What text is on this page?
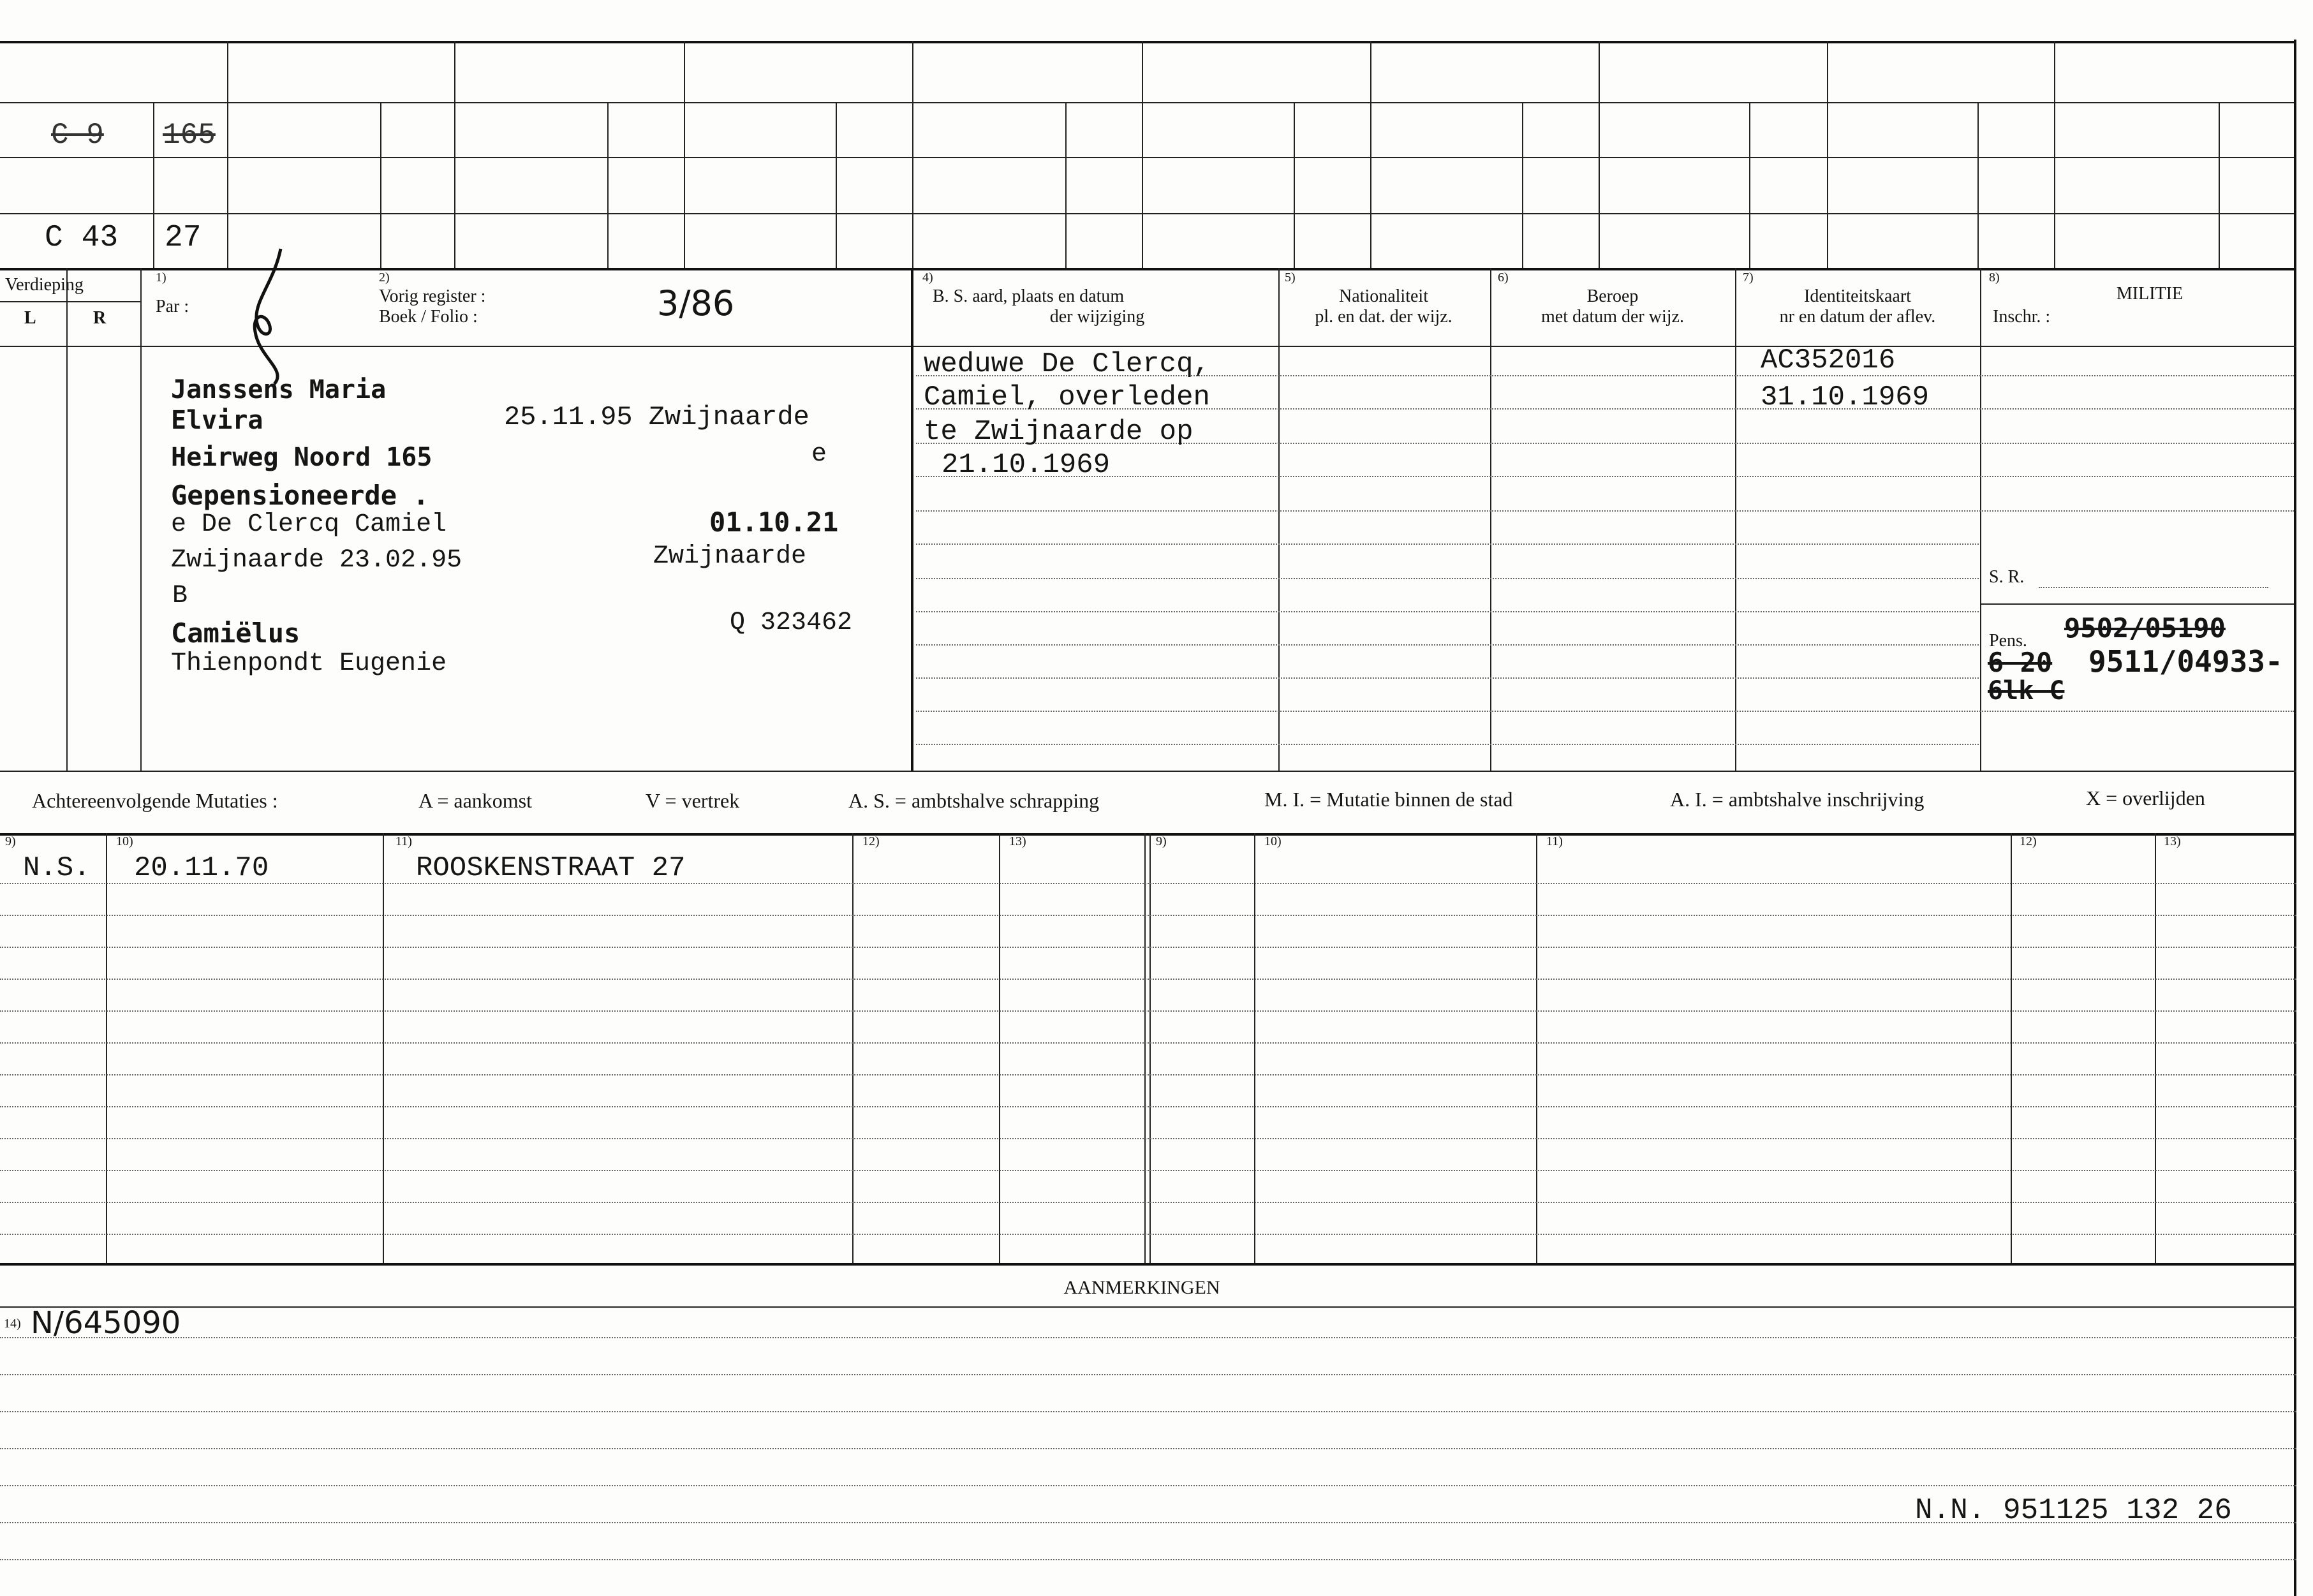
C 9 165
C 43 27
Verdieping
L	R
1)
Par :
2)
Vorig register :
Boek / Folio :	3/86
4)
B. S. aard, plaats en datum
der wijziging
5)
Nationaliteit
pl. en dat. der wijz.
6)
Beroep
met datum der wijz.
7)
Identiteitskaart
nr en datum der aflev.
8)
MILITIE
Inschr. :
Janssens Maria
Elvira	25.11.95 Zwijnaarde
Heirweg Noord 165	e
Gepensioneerde .
e De Clercq Camiel	01.10.21
Zwijnaarde 23.02.95	Zwijnaarde
B
Camiëlus	Q 323462
Thienpondt Eugenie
weduwe De Clercq,
Camiel, overleden
te Zwijnaarde op
21.10.1969
AC352016
31.10.1969
S. R.
Pens. 9502/05190
6 20 9511/04933-
6lk C
Achtereenvolgende Mutaties :	A = aankomst	V = vertrek	A. S. = ambtshalve schrapping	M. I. = Mutatie binnen de stad	A. I. = ambtshalve inschrijving	X = overlijden
9)	10)	11)	12)	13)	9)	10)	11)	12)	13)
N.S. 20.11.70	ROOSKENSTRAAT 27
AANMERKINGEN
14) N/645090
N.N. 951125 132 26
